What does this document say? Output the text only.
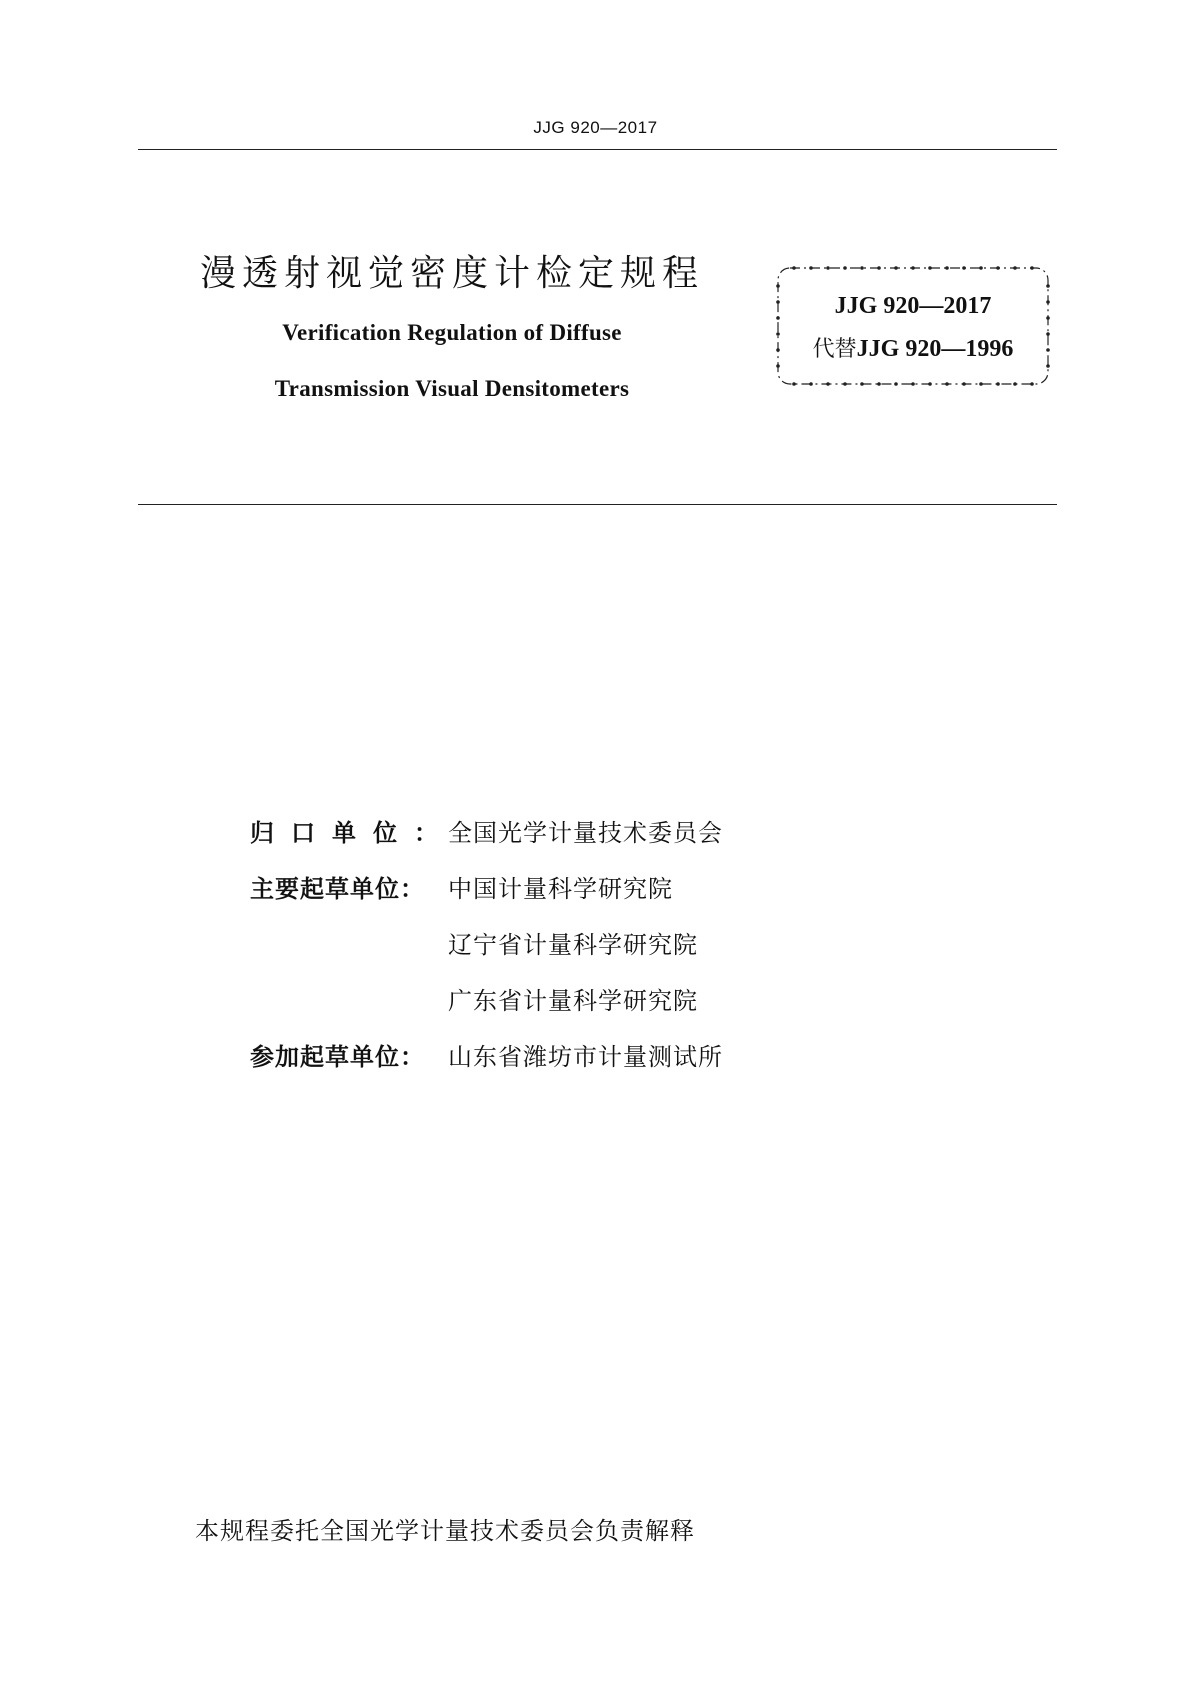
JJG 920—2017
漫透射视觉密度计检定规程
Verification Regulation of Diffuse
Transmission Visual Densitometers
JJG 920—2017
代替JJG 920—1996
归口单位：全国光学计量技术委员会
主要起草单位： 中国计量科学研究院
辽宁省计量科学研究院
广东省计量科学研究院
参加起草单位： 山东省潍坊市计量测试所
本规程委托全国光学计量技术委员会负责解释
